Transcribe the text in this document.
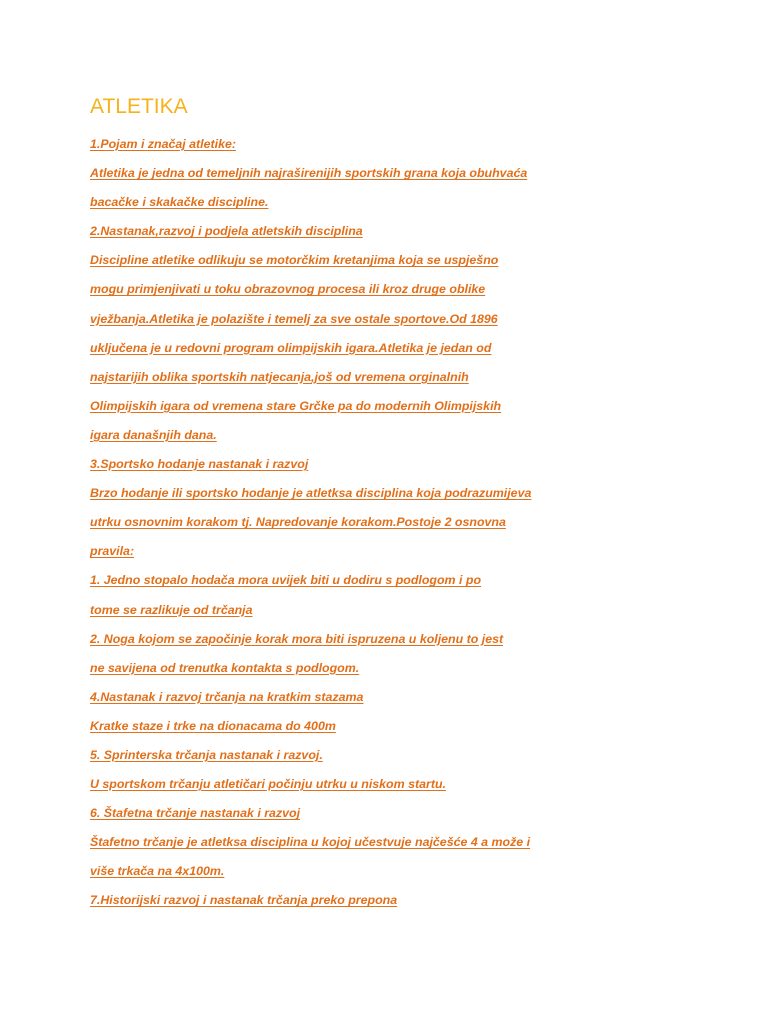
ATLETIKA
1.Pojam i značaj atletike:
Atletika je jedna od temeljnih najraširenijih sportskih grana koja obuhvaća
bacačke i skakačke discipline.
2.Nastanak,razvoj i podjela atletskih disciplina
Discipline atletike odlikuju se motorčkim kretanjima koja se uspješno
mogu primjenjivati u toku obrazovnog procesa ili kroz druge oblike
vježbanja.Atletika je polazište i temelj za sve ostale sportove.Od 1896
uključena je u redovni program olimpijskih igara.Atletika je jedan od
najstarijih oblika sportskih natjecanja,još od vremena orginalnih
Olimpijskih igara od vremena stare Grčke pa do modernih Olimpijskih
igara današnjih dana.
3.Sportsko hodanje nastanak i razvoj
Brzo hodanje ili sportsko hodanje je atletksa disciplina koja podrazumijeva
utrku osnovnim korakom tj. Napredovanje korakom.Postoje 2 osnovna
pravila:
1. Jedno stopalo hodača mora uvijek biti u dodiru s podlogom i po
tome se razlikuje od trčanja
2. Noga kojom se započinje korak mora biti ispruzena u koljenu to jest
ne savijena od trenutka kontakta s podlogom.
4.Nastanak i razvoj trčanja na kratkim stazama
Kratke staze i trke na dionacama do 400m
5. Sprinterska trčanja nastanak i razvoj.
U sportskom trčanju atletičari počinju utrku u niskom startu.
6. Štafetna trčanje nastanak i razvoj
Štafetno trčanje je atletksa disciplina u kojoj učestvuje najčešće 4 a može i
više trkača na 4x100m.
7.Historijski razvoj i nastanak trčanja preko prepona
